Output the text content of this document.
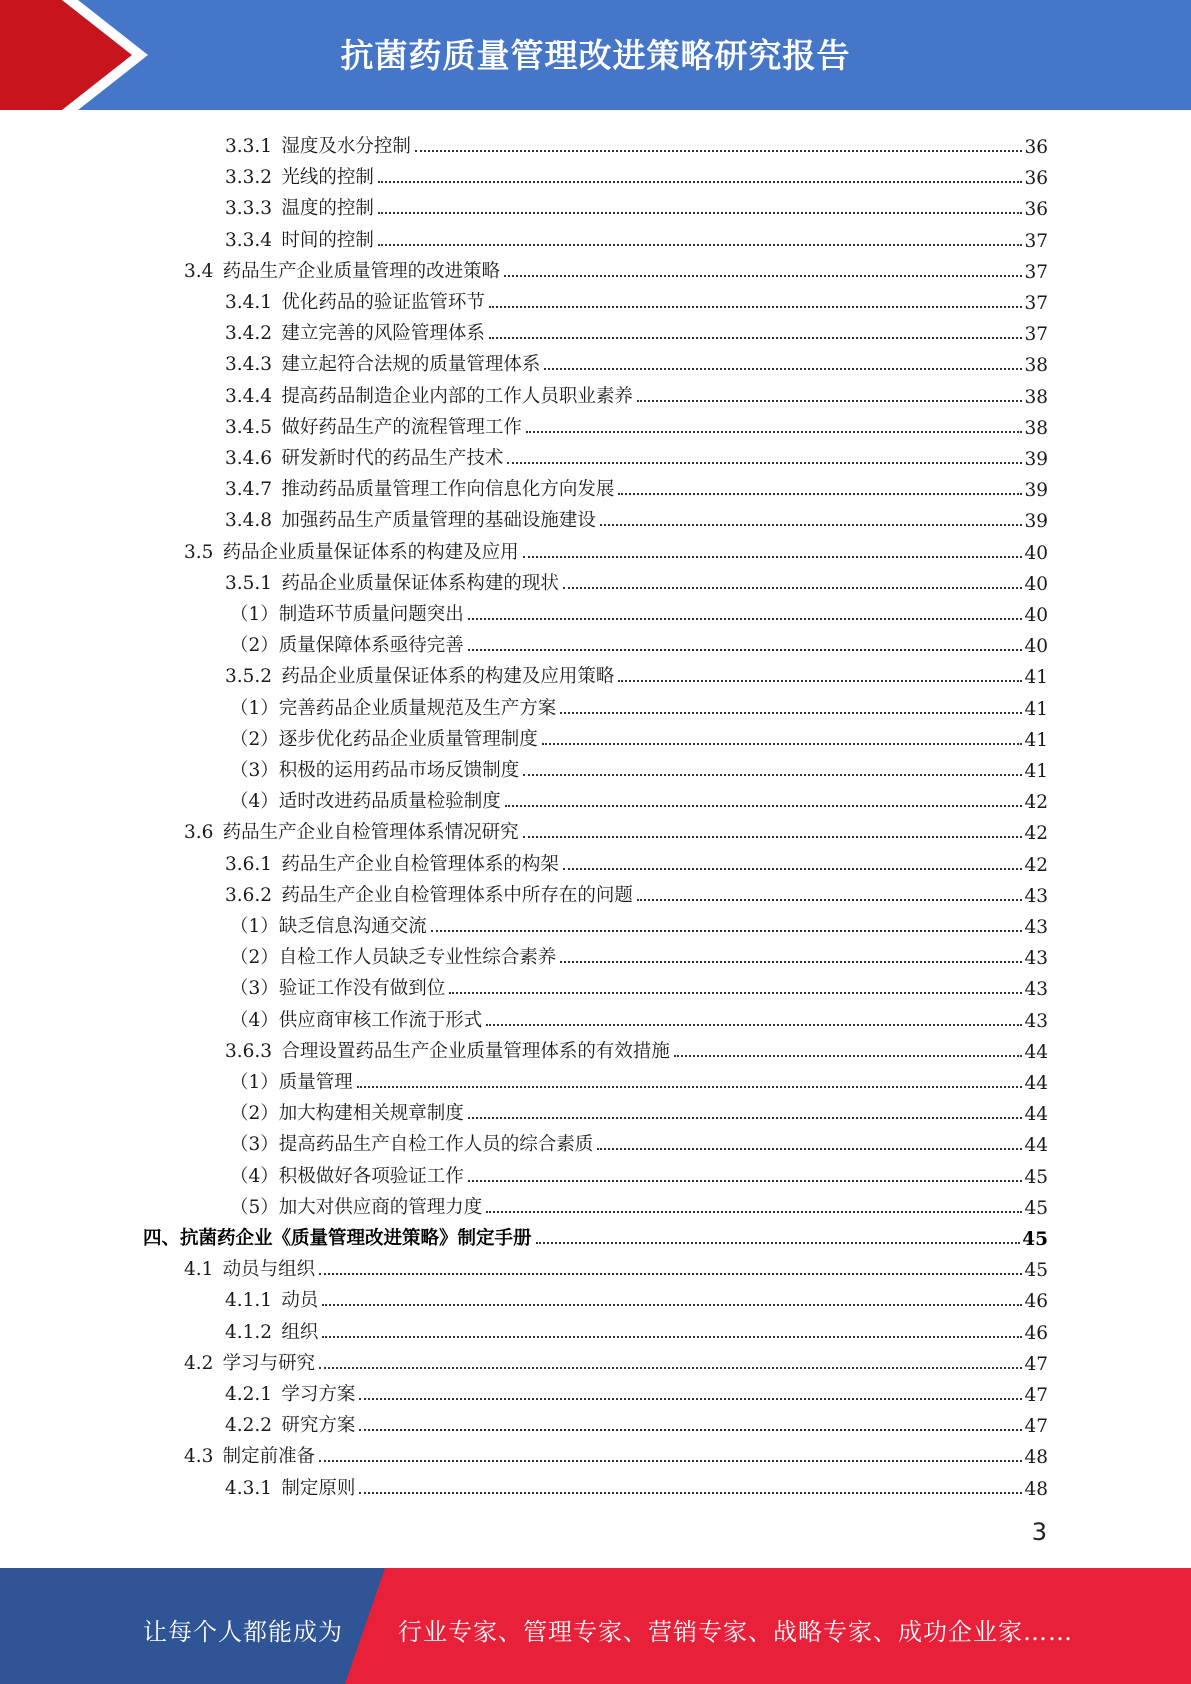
抗菌药质量管理改进策略研究报告
3.3.1  湿度及水分控制	36
3.3.2  光线的控制	36
3.3.3  温度的控制	36
3.3.4  时间的控制	37
3.4  药品生产企业质量管理的改进策略	37
3.4.1  优化药品的验证监管环节	37
3.4.2  建立完善的风险管理体系	37
3.4.3  建立起符合法规的质量管理体系	38
3.4.4  提高药品制造企业内部的工作人员职业素养	38
3.4.5  做好药品生产的流程管理工作	38
3.4.6  研发新时代的药品生产技术	39
3.4.7  推动药品质量管理工作向信息化方向发展	39
3.4.8  加强药品生产质量管理的基础设施建设	39
3.5  药品企业质量保证体系的构建及应用	40
3.5.1  药品企业质量保证体系构建的现状	40
（1）制造环节质量问题突出	40
（2）质量保障体系亟待完善	40
3.5.2  药品企业质量保证体系的构建及应用策略	41
（1）完善药品企业质量规范及生产方案	41
（2）逐步优化药品企业质量管理制度	41
（3）积极的运用药品市场反馈制度	41
（4）适时改进药品质量检验制度	42
3.6  药品生产企业自检管理体系情况研究	42
3.6.1  药品生产企业自检管理体系的构架	42
3.6.2  药品生产企业自检管理体系中所存在的问题	43
（1）缺乏信息沟通交流	43
（2）自检工作人员缺乏专业性综合素养	43
（3）验证工作没有做到位	43
（4）供应商审核工作流于形式	43
3.6.3  合理设置药品生产企业质量管理体系的有效措施	44
（1）质量管理	44
（2）加大构建相关规章制度	44
（3）提高药品生产自检工作人员的综合素质	44
（4）积极做好各项验证工作	45
（5）加大对供应商的管理力度	45
四、抗菌药企业《质量管理改进策略》制定手册	45
4.1  动员与组织	45
4.1.1  动员	46
4.1.2  组织	46
4.2  学习与研究	47
4.2.1  学习方案	47
4.2.2  研究方案	47
4.3  制定前准备	48
4.3.1  制定原则	48
3
让每个人都能成为 行业专家、管理专家、营销专家、战略专家、成功企业家……
